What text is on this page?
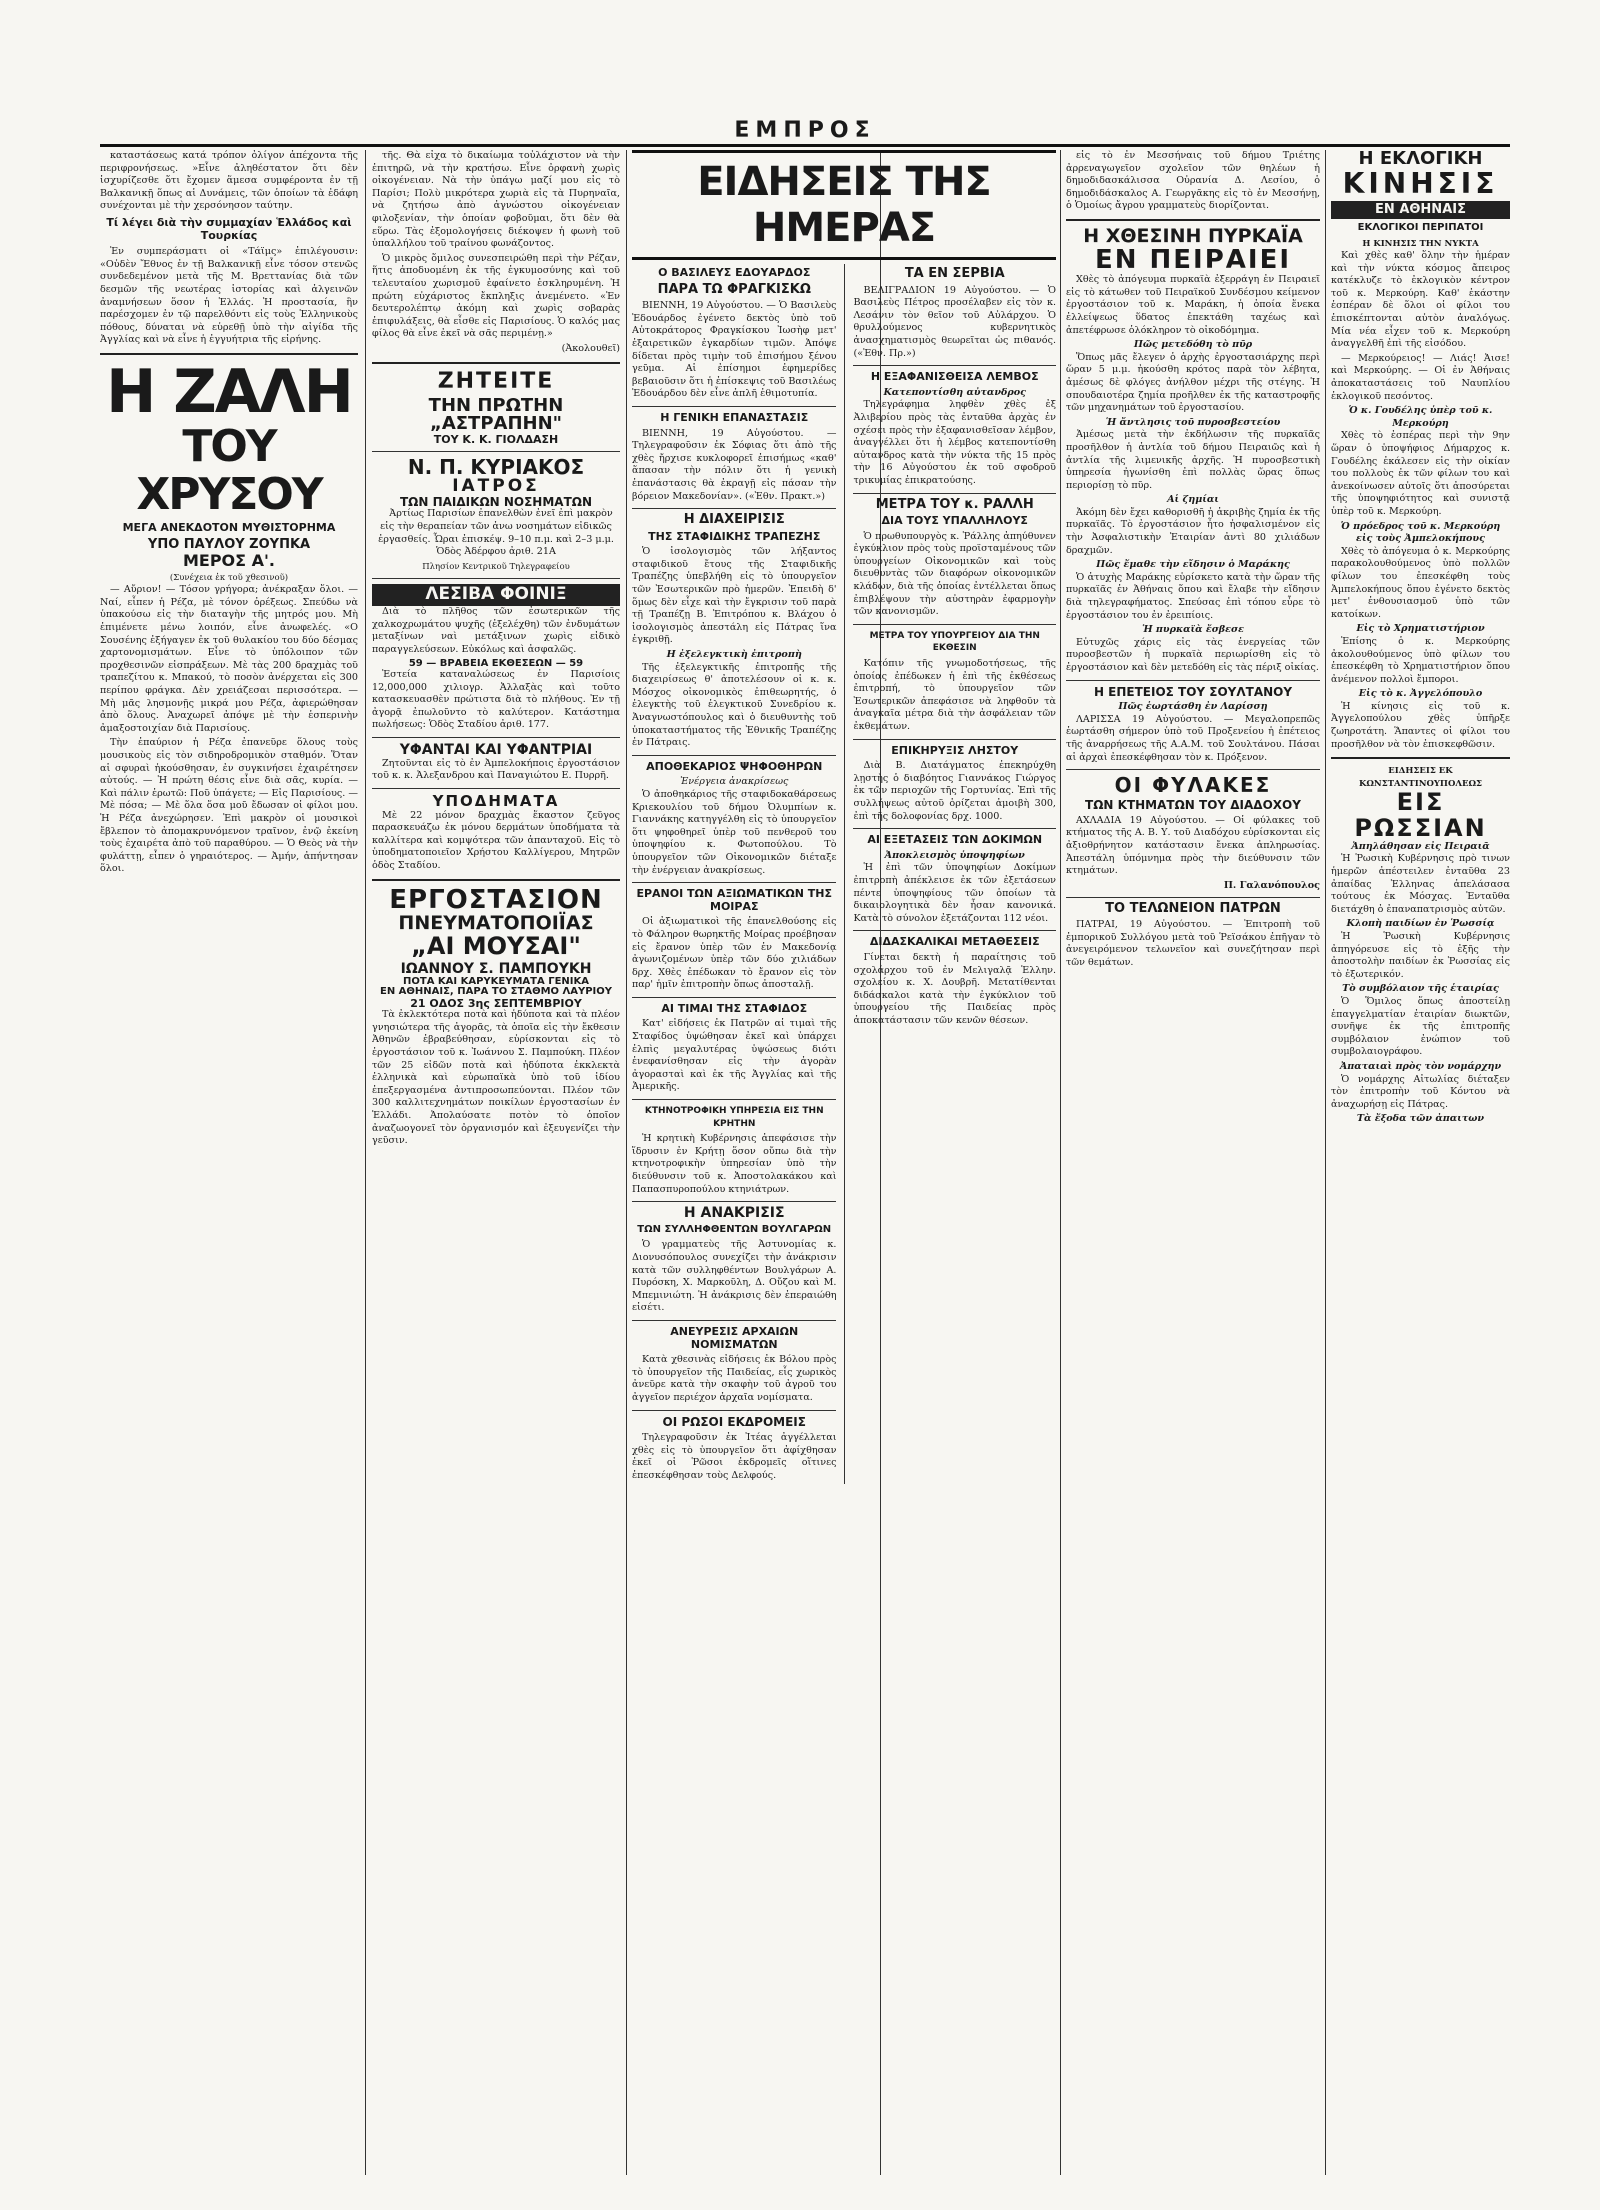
ΕΜΠΡΟΣ

καταστάσεως κατά τρόπον ὀλίγον ἀπέχοντα τῆς περιφρονήσεως. »Εἶνε ἀληθέστατον ὅτι δὲν ἰσχυρίζεσθε ὅτι ἔχομεν ἅμεσα συμφέροντα ἐν τῇ Βαλκανικῇ ὅπως αἱ Δυνάμεις, τῶν ὁποίων τὰ ἐδάφη συνέχονται μὲ τὴν χερσόνησον ταύτην.

Τί λέγει διὰ τὴν συμμαχίαν Ἑλλάδος καὶ Τουρκίας

Ἐν συμπεράσματι οἱ «Τάϊμς» ἐπιλέγουσιν: «Οὐδὲν Ἔθνος ἐν τῇ Βαλκανικῇ εἶνε τόσον στενῶς συνδεδεμένον μετὰ τῆς Μ. Βρεττανίας διὰ τῶν δεσμῶν τῆς νεωτέρας ἱστορίας καὶ ἀλγεινῶν ἀναμνήσεων ὅσον ἡ Ἑλλάς. Ἡ προστασία, ἣν παρέσχομεν ἐν τῷ παρελθόντι εἰς τοὺς Ἑλληνικοὺς πόθους, δύναται νὰ εὑρεθῇ ὑπὸ τὴν αἰγίδα τῆς Ἀγγλίας καὶ νὰ εἶνε ἡ ἐγγυήτρια τῆς εἰρήνης.

Η ΖΑΛΗ
ΤΟΥ ΧΡΥΣΟΥ
ΜΕΓΑ ΑΝΕΚΔΟΤΟΝ ΜΥΘΙΣΤΟΡΗΜΑ
ΥΠΟ ΠΑΥΛΟΥ ΖΟΥΠΚΑ
ΜΕΡΟΣ Α'.
(Συνέχεια ἐκ τοῦ χθεσινοῦ)

— Αὔριον! — Τόσον γρήγορα; ἀνέκραξαν ὅλοι. — Ναί, εἶπεν ἡ Ρέζα, μὲ τόνον ὀρέξεως. Σπεύδω νὰ ὑπακούσω εἰς τὴν διαταγὴν τῆς μητρός μου. Μὴ ἐπιμένετε μένω λοιπόν, εἶνε ἀνωφελές. «Ο Σουσένης ἐξήγαγεν ἐκ τοῦ θυλακίου του δύο δέσμας χαρτονομισμάτων. Εἶνε τὸ ὑπόλοιπον τῶν προχθεσινῶν εἰσπράξεων. Μὲ τὰς 200 δραχμὰς τοῦ τραπεζίτου κ. Μπακού, τὸ ποσὸν ἀνέρχεται εἰς 300 περίπου φράγκα. Δὲν χρειάζεσαι περισσότερα. — Μὴ μᾶς λησμονῇς μικρά μου Ρέζα, ἀφιερώθησαν ἀπὸ ὅλους. Ἀναχωρεῖ ἀπόψε μὲ τὴν ἑσπερινὴν ἀμαξοστοιχίαν διὰ Παρισίους.

Τὴν ἐπαύριον ἡ Ρέζα ἐπανεῦρε ὅλους τοὺς μουσικοὺς εἰς τὸν σιδηροδρομικὸν σταθμόν. Ὅταν αἱ σφυραὶ ἠκούσθησαν, ἐν συγκινήσει ἐχαιρέτησεν αὐτούς. — Ἡ πρώτη θέσις εἶνε διὰ σᾶς, κυρία. — Καὶ πάλιν ἐρωτῶ: Ποῦ ὑπάγετε; — Εἰς Παρισίους. — Μὲ πόσα; — Μὲ ὅλα ὅσα μοῦ ἔδωσαν οἱ φίλοι μου. Ἡ Ρέζα ἀνεχώρησεν. Ἐπὶ μακρὸν οἱ μουσικοὶ ἔβλεπον τὸ ἀπομακρυνόμενον τραῖνον, ἐνῷ ἐκείνη τοὺς ἐχαιρέτα ἀπὸ τοῦ παραθύρου. — Ὁ Θεὸς νὰ τὴν φυλάττῃ, εἶπεν ὁ γηραιότερος. — Ἀμήν, ἀπήντησαν ὅλοι.

τῆς. Θὰ εἶχα τὸ δικαίωμα τοὐλάχιστον νὰ τὴν ἐπιτηρῶ, νὰ τὴν κρατήσω. Εἶνε ὀρφανὴ χωρὶς οἰκογένειαν. Νὰ τὴν ὑπάγω μαζί μου εἰς τὸ Παρίσι; Πολὺ μικρότερα χωριὰ εἰς τὰ Πυρηναῖα, νὰ ζητήσω ἀπὸ ἀγνώστου οἰκογένειαν φιλοξενίαν, τὴν ὁποίαν φοβοῦμαι, ὅτι δὲν θὰ εὕρω. Τὰς ἐξομολογήσεις διέκοψεν ἡ φωνὴ τοῦ ὑπαλλήλου τοῦ τραίνου φωνάζοντος.

Ὁ μικρὸς ὅμιλος συνεσπειρώθη περὶ τὴν Ρέζαν, ἥτις ἀποδυομένη ἐκ τῆς ἐγκυμοσύνης καὶ τοῦ τελευταίου χωρισμοῦ ἐφαίνετο ἐσκληρυμένη. Ἡ πρώτη εὐχάριστος ἔκπληξις ἀνεμένετο. «Ἐν δευτερολέπτῳ ἀκόμη καὶ χωρὶς σοβαρὰς ἐπιφυλάξεις, θὰ εἶσθε εἰς Παρισίους. Ὁ καλός μας φίλος θὰ εἶνε ἐκεῖ νὰ σᾶς περιμένῃ.»

(Ἀκολουθεῖ)
ΖΗΤΕΙΤΕ
ΤΗΝ ΠΡΩΤΗΝ „ΑΣΤΡΑΠΗΝ"
ΤΟΥ Κ. Κ. ΓΙΟΛΔΑΣΗ
Ν. Π. ΚΥΡΙΑΚΟΣ
ΙΑΤΡΟΣ
ΤΩΝ ΠΑΙΔΙΚΩΝ ΝΟΣΗΜΑΤΩΝ

Ἀρτίως Παρισίων ἐπανελθὼν ἐνεῖ ἐπὶ μακρὸν εἰς τὴν θεραπείαν τῶν ἀνω νοσημάτων εἰδικῶς ἐργασθείς. Ὧραι ἐπισκέψ. 9–10 π.μ. καὶ 2–3 μ.μ. Ὁδὸς Ἀδέρφου ἀριθ. 21Α

Πλησίον Κεντρικοῦ Τηλεγραφείου
ΛΕΣΙΒΑ ΦΟΙΝΙΞ

Διὰ τὸ πλῆθος τῶν ἐσωτερικῶν τῆς χαλκοχρωμάτου ψυχῆς (ἐξελέχθη) τῶν ἐνδυμάτων μεταξίνων ναὶ μετάξινων χωρὶς εἰδικὸ παραγγελεύσεων. Εὐκόλως καὶ ἀσφαλῶς.

59 — ΒΡΑΒΕΙΑ ΕΚΘΕΣΕΩΝ — 59

Ἐστεία καταναλώσεως ἐν Παρισίοις 12,000,000 χιλιογρ. Ἀλλαξὰς καὶ τοῦτο κατασκευασθὲν πρώτιστα διὰ τὸ πλήθους. Ἐν τῇ ἀγορᾷ ἐπωλοῦντο τὸ καλύτερον. Κατάστημα πωλήσεως: Ὁδὸς Σταδίου ἀριθ. 177.

ΥΦΑΝΤΑΙ ΚΑΙ ΥΦΑΝΤΡΙΑΙ

Ζητοῦνται εἰς τὸ ἐν Ἀμπελοκήποις ἐργοστάσιον τοῦ κ. κ. Ἀλεξανδρου καὶ Παναγιώτου Ε. Πυρρῆ.

ΥΠΟΔΗΜΑΤΑ

Μὲ 22 μόνον δραχμὰς ἕκαστον ζεῦγος παρασκευάζω ἐκ μόνου δερμάτων ὑποδήματα τὰ καλλίτερα καὶ κομψότερα τῶν ἀπανταχοῦ. Εἰς τὸ ὑποδηματοποιεῖον Χρήστου Καλλίγερου, Μητρῶν ὁδὸς Σταδίου.

ΕΡΓΟΣΤΑΣΙΟΝ
ΠΝΕΥΜΑΤΟΠΟΙΪΑΣ
„ΑΙ ΜΟΥΣΑΙ"
ΙΩΑΝΝΟΥ Σ. ΠΑΜΠΟΥΚΗ
ΠΟΤΑ ΚΑΙ ΚΑΡΥΚΕΥΜΑΤΑ ΓΕΝΙΚΑ
ΕΝ ΑΘΗΝΑΙΣ, ΠΑΡΑ ΤΟ ΣΤΑΘΜΟ ΛΑΥΡΙΟΥ
21 ΟΔΟΣ 3ης ΣΕΠΤΕΜΒΡΙΟΥ

Τὰ ἐκλεκτότερα ποτὰ καὶ ἡδύποτα καὶ τὰ πλέον γνησιώτερα τῆς ἀγορᾶς, τὰ ὁποῖα εἰς τὴν ἔκθεσιν Ἀθηνῶν ἐβραβεύθησαν, εὑρίσκονται εἰς τὸ ἐργοστάσιον τοῦ κ. Ἰωάννου Σ. Παμπούκη. Πλέον τῶν 25 εἰδῶν ποτὰ καὶ ἡδύποτα ἐκκλεκτὰ ἐλληνικὰ καὶ εὐρωπαϊκὰ ὑπὸ τοῦ ἰδίου ἐπεξεργασμένα ἀντιπροσωπεύονται. Πλέον τῶν 300 καλλιτεχνημάτων ποικίλων ἐργοστασίων ἐν Ἑλλάδι. Ἀπολαύσατε ποτὸν τὸ ὁποῖον ἀναζωογονεῖ τὸν ὀργανισμόν καὶ ἐξευγενίζει τὴν γεῦσιν.

ΕΙΔΗΣΕΙΣ ΤΗΣ ΗΜΕΡΑΣ
Ο ΒΑΣΙΛΕΥΣ ΕΔΟΥΑΡΔΟΣ
ΠΑΡΑ ΤΩ ΦΡΑΓΚΙΣΚΩ

ΒΙΕΝΝΗ, 19 Αὐγούστου. — Ὁ Βασιλεὺς Ἐδουάρδος ἐγένετο δεκτὸς ὑπὸ τοῦ Αὐτοκράτορος Φραγκίσκου Ἰωσὴφ μετ' ἐξαιρετικῶν ἐγκαρδίων τιμῶν. Ἀπόψε δίδεται πρὸς τιμὴν τοῦ ἐπισήμου ξένου γεῦμα. Αἱ ἐπίσημοι ἐφημερίδες βεβαιοῦσιν ὅτι ἡ ἐπίσκεψις τοῦ Βασιλέως Ἐδουάρδου δὲν εἶνε ἀπλῆ ἐθιμοτυπία.

Η ΓΕΝΙΚΗ ΕΠΑΝΑΣΤΑΣΙΣ

ΒΙΕΝΝΗ, 19 Αὐγούστου. — Τηλεγραφοῦσιν ἐκ Σόφιας ὅτι ἀπὸ τῆς χθὲς ἤρχισε κυκλοφορεῖ ἐπισήμως «καθ' ἅπασαν τὴν πόλιν ὅτι ἡ γενικὴ ἐπανάστασις θὰ ἐκραγῇ εἰς πάσαν τὴν βόρειον Μακεδονίαν». («Ἐθν. Πρακτ.»)

Η ΔΙΑΧΕΙΡΙΣΙΣ
ΤΗΣ ΣΤΑΦΙΔΙΚΗΣ ΤΡΑΠΕΖΗΣ

Ὁ ἰσολογισμὸς τῶν λήξαντος σταφιδικοῦ ἔτους τῆς Σταφιδικῆς Τραπέζης ὑπεβλήθη εἰς τὸ ὑπουργεῖον τῶν Ἐσωτερικῶν πρὸ ἡμερῶν. Ἐπειδὴ δ' ὅμως δὲν εἶχε καὶ τὴν ἔγκρισιν τοῦ παρὰ τῇ Τραπέζῃ Β. Ἐπιτρόπου κ. Βλάχου ὁ ἰσολογισμὸς ἀπεστάλη εἰς Πάτρας ἵνα ἐγκριθῇ.

Η ἐξελεγκτικὴ ἐπιτροπὴ

Τῆς ἐξελεγκτικῆς ἐπιτροπῆς τῆς διαχειρίσεως θ' ἀποτελέσουν οἱ κ. κ. Μόσχος οἰκονομικὸς ἐπιθεωρητής, ὁ ἐλεγκτὴς τοῦ ἐλεγκτικοῦ Συνεδρίου κ. Ἀναγνωστόπουλος καὶ ὁ διευθυντὴς τοῦ ὑποκαταστήματος τῆς Ἐθνικῆς Τραπέζης ἐν Πάτραις.

ΑΠΟΘΕΚΑΡΙΟΣ ΨΗΦΟΘΗΡΩΝ
Ἐνέργεια ἀνακρίσεως

Ὁ ἀποθηκάριος τῆς σταφιδοκαθάρσεως Κριεκουλίου τοῦ δήμου Ὀλυμπίων κ. Γιαννάκης κατηγγέλθη εἰς τὸ ὑπουργεῖον ὅτι ψηφοθηρεῖ ὑπὲρ τοῦ πενθεροῦ του ὑποψηφίου κ. Φωτοπούλου. Τὸ ὑπουργεῖον τῶν Οἰκονομικῶν διέταξε τὴν ἐνέργειαν ἀνακρίσεως.

ΕΡΑΝΟΙ ΤΩΝ ΑΞΙΩΜΑΤΙΚΩΝ ΤΗΣ ΜΟΙΡΑΣ

Οἱ ἀξιωματικοὶ τῆς ἐπανελθούσης εἰς τὸ Φάληρον θωρηκτῆς Μοίρας προέβησαν εἰς ἔρανον ὑπὲρ τῶν ἐν Μακεδονίᾳ ἀγωνιζομένων ὑπὲρ τῶν δύο χιλιάδων δρχ. Χθὲς ἐπέδωκαν τὸ ἔρανον εἰς τὸν παρ' ἡμῖν ἐπιτροπὴν ὅπως ἀποσταλῇ.

ΑΙ ΤΙΜΑΙ ΤΗΣ ΣΤΑΦΙΔΟΣ

Κατ' εἰδήσεις ἐκ Πατρῶν αἱ τιμαὶ τῆς Σταφίδος ὑψώθησαν ἐκεῖ καὶ ὑπάρχει ἐλπὶς μεγαλυτέρας ὑψώσεως διότι ἐνεφανίσθησαν εἰς τὴν ἀγορὰν ἀγορασταὶ καὶ ἐκ τῆς Ἀγγλίας καὶ τῆς Ἀμερικῆς.

ΚΤΗΝΟΤΡΟΦΙΚΗ ΥΠΗΡΕΣΙΑ ΕΙΣ ΤΗΝ ΚΡΗΤΗΝ

Ἡ κρητικὴ Κυβέρνησις ἀπεφάσισε τὴν ἵδρυσιν ἐν Κρήτῃ ὅσον οὔπω διὰ τὴν κτηνοτροφικὴν ὑπηρεσίαν ὑπὸ τὴν διεύθυνσιν τοῦ κ. Ἀποστολακάκου καὶ Παπασπυροπούλου κτηνιάτρων.

Η ΑΝΑΚΡΙΣΙΣ
ΤΩΝ ΣΥΛΛΗΦΘΕΝΤΩΝ ΒΟΥΛΓΑΡΩΝ

Ὁ γραμματεὺς τῆς Ἀστυνομίας κ. Διονυσόπουλος συνεχίζει τὴν ἀνάκρισιν κατὰ τῶν συλληφθέντων Βουλγάρων Α. Πυρόσκη, Χ. Μαρκοῦλη, Δ. Οὔζου καὶ Μ. Μπεμινιώτη. Ἡ ἀνάκρισις δὲν ἐπεραιώθη εἰσέτι.

ΑΝΕΥΡΕΣΙΣ ΑΡΧΑΙΩΝ ΝΟΜΙΣΜΑΤΩΝ

Κατὰ χθεσινὰς εἰδήσεις ἐκ Βόλου πρὸς τὸ ὑπουργεῖον τῆς Παιδείας, εἷς χωρικὸς ἀνεῦρε κατὰ τὴν σκαφὴν τοῦ ἀγροῦ του ἀγγεῖον περιέχον ἀρχαῖα νομίσματα.

ΟΙ ΡΩΣΟΙ ΕΚΔΡΟΜΕΙΣ

Τηλεγραφοῦσιν ἐκ Ἰτέας ἀγγέλλεται χθὲς εἰς τὸ ὑπουργεῖον ὅτι ἀφίχθησαν ἐκεῖ οἱ Ῥῶσοι ἐκδρομεῖς οἵτινες ἐπεσκέφθησαν τοὺς Δελφούς.

ΤΑ ΕΝ ΣΕΡΒΙΑ

ΒΕΛΙΓΡΑΔΙΟΝ 19 Αὐγούστου. — Ὁ Βασιλεὺς Πέτρος προσέλαβεν εἰς τὸν κ. Λεσάνιν τὸν θεῖον τοῦ Αὐλάρχου. Ὁ θρυλλούμενος κυβερνητικὸς ἀνασχηματισμὸς θεωρεῖται ὡς πιθανός. («Ἐθν. Πρ.»)

Η ΕΞΑΦΑΝΙΣΘΕΙΣΑ ΛΕΜΒΟΣ
Κατεποντίσθη αὐτανδρος

Τηλεγράφημα ληφθὲν χθὲς ἐξ Ἀλιβερίου πρὸς τὰς ἐνταῦθα ἀρχὰς ἐν σχέσει πρὸς τὴν ἐξαφανισθεῖσαν λέμβον, ἀναγγέλλει ὅτι ἡ λέμβος κατεποντίσθη αὐτανδρος κατὰ τὴν νύκτα τῆς 15 πρὸς τὴν 16 Αὐγούστου ἐκ τοῦ σφοδροῦ τρικυμίας ἐπικρατούσης.

ΜΕΤΡΑ ΤΟΥ κ. ΡΑΛΛΗ
ΔΙΑ ΤΟΥΣ ΥΠΑΛΛΗΛΟΥΣ

Ὁ πρωθυπουργὸς κ. Ῥάλλης ἀπηύθυνεν ἐγκύκλιον πρὸς τοὺς προϊσταμένους τῶν ὑπουργείων Οἰκονομικῶν καὶ τοὺς διευθυντὰς τῶν διαφόρων οἰκονομικῶν κλάδων, διὰ τῆς ὁποίας ἐντέλλεται ὅπως ἐπιβλέψουν τὴν αὐστηρὰν ἐφαρμογὴν τῶν κανονισμῶν.

ΜΕΤΡΑ ΤΟΥ ΥΠΟΥΡΓΕΙΟΥ ΔΙΑ ΤΗΝ ΕΚΘΕΣΙΝ

Κατόπιν τῆς γνωμοδοτήσεως, τῆς ὁποίας ἐπέδωκεν ἡ ἐπὶ τῆς ἐκθέσεως ἐπιτροπή, τὸ ὑπουργεῖον τῶν Ἐσωτερικῶν ἀπεφάσισε νὰ ληφθοῦν τὰ ἀναγκαῖα μέτρα διὰ τὴν ἀσφάλειαν τῶν ἐκθεμάτων.

ΕΠΙΚΗΡΥΞΙΣ ΛΗΣΤΟΥ

Διὰ Β. Διατάγματος ἐπεκηρύχθη λῃστὴς ὁ διαβόητος Γιαννάκος Γιώργος ἐκ τῶν περιοχῶν τῆς Γορτυνίας. Ἐπὶ τῆς συλλήψεως αὐτοῦ ὁρίζεται ἀμοιβὴ 300, ἐπὶ τῆς δολοφονίας δρχ. 1000.

ΑΙ ΕΞΕΤΑΣΕΙΣ ΤΩΝ ΔΟΚΙΜΩΝ
Ἀποκλεισμὸς ὑποψηφίων

Ἡ ἐπὶ τῶν ὑποψηφίων Δοκίμων ἐπιτροπὴ ἀπέκλεισε ἐκ τῶν ἐξετάσεων πέντε ὑποψηφίους τῶν ὁποίων τὰ δικαιολογητικὰ δὲν ἦσαν κανονικά. Κατὰ τὸ σύνολον ἐξετάζονται 112 νέοι.

ΔΙΔΑΣΚΑΛΙΚΑΙ ΜΕΤΑΘΕΣΕΙΣ

Γίνεται δεκτὴ ἡ παραίτησις τοῦ σχολάρχου τοῦ ἐν Μελιγαλᾷ Ἑλλην. σχολείου κ. Χ. Δουβρῆ. Μετατίθενται διδάσκαλοι κατὰ τὴν ἐγκύκλιον τοῦ ὑπουργείου τῆς Παιδείας πρὸς ἀποκατάστασιν τῶν κενῶν θέσεων.

εἰς τὸ ἐν Μεσσήναις τοῦ δήμου Τριέτης ἀρρεναγωγεῖον σχολεῖον τῶν θηλέων ἡ δημοδιδασκάλισσα Οὐρανία Δ. Λεσίου, ὁ δημοδιδάσκαλος Α. Γεωργᾶκης εἰς τὸ ἐν Μεσσήνῃ, ὁ Ὁμοίως ἄγρου γραμματεὺς διορίζονται.

Η ΧΘΕΣΙΝΗ ΠΥΡΚΑΪΑ
ΕΝ ΠΕΙΡΑΙΕΙ

Χθὲς τὸ ἀπόγευμα πυρκαϊὰ ἐξερράγη ἐν Πειραιεῖ εἰς τὸ κάτωθεν τοῦ Πειραϊκοῦ Συνδέσμου κείμενον ἐργοστάσιον τοῦ κ. Μαράκη, ἡ ὁποία ἕνεκα ἐλλείψεως ὕδατος ἐπεκτάθη ταχέως καὶ ἀπετέφρωσε ὁλόκληρον τὸ οἰκοδόμημα.

Πῶς μετεδόθη τὸ πῦρ

Ὅπως μᾶς ἔλεγεν ὁ ἀρχὴς ἐργοστασιάρχης περὶ ὥραν 5 μ.μ. ἠκούσθη κρότος παρὰ τὸν λέβητα, ἀμέσως δὲ φλόγες ἀνήλθον μέχρι τῆς στέγης. Ἡ σπουδαιοτέρα ζημία προῆλθεν ἐκ τῆς καταστροφῆς τῶν μηχανημάτων τοῦ ἐργοστασίου.

Ἡ ἄντλησις τοῦ πυροσβεστείου

Ἀμέσως μετὰ τὴν ἐκδήλωσιν τῆς πυρκαϊᾶς προσῆλθον ἡ ἀντλία τοῦ δήμου Πειραιῶς καὶ ἡ ἀντλία τῆς λιμενικῆς ἀρχῆς. Ἡ πυροσβεστικὴ ὑπηρεσία ἠγωνίσθη ἐπὶ πολλὰς ὥρας ὅπως περιορίσῃ τὸ πῦρ.

Αἱ ζημίαι

Ἀκόμη δὲν ἔχει καθορισθῆ ἡ ἀκριβὴς ζημία ἐκ τῆς πυρκαϊᾶς. Τὸ ἐργοστάσιον ἦτο ἠσφαλισμένον εἰς τὴν Ἀσφαλιστικὴν Ἑταιρίαν ἀντὶ 80 χιλιάδων δραχμῶν.

Πῶς ἔμαθε τὴν εἴδησιν ὁ Μαράκης

Ὁ ἀτυχὴς Μαράκης εὑρίσκετο κατὰ τὴν ὥραν τῆς πυρκαϊᾶς ἐν Ἀθήναις ὅπου καὶ ἔλαβε τὴν εἴδησιν διὰ τηλεγραφήματος. Σπεύσας ἐπὶ τόπου εὗρε τὸ ἐργοστάσιον του ἐν ἐρειπίοις.

Ἡ πυρκαϊὰ ἔσβεσε

Εὐτυχῶς χάρις εἰς τὰς ἐνεργείας τῶν πυροσβεστῶν ἡ πυρκαϊὰ περιωρίσθη εἰς τὸ ἐργοστάσιον καὶ δὲν μετεδόθη εἰς τὰς πέριξ οἰκίας.

Η ΕΠΕΤΕΙΟΣ ΤΟΥ ΣΟΥΛΤΑΝΟΥ
Πῶς ἑωρτάσθη ἐν Λαρίσσῃ

ΛΑΡΙΣΣΑ 19 Αὐγούστου. — Μεγαλοπρεπῶς ἑωρτάσθη σήμερον ὑπὸ τοῦ Προξενείου ἡ ἐπέτειος τῆς ἀναρρήσεως τῆς Α.Α.Μ. τοῦ Σουλτάνου. Πάσαι αἱ ἀρχαὶ ἐπεσκέφθησαν τὸν κ. Πρόξενον.

ΟΙ ΦΥΛΑΚΕΣ
ΤΩΝ ΚΤΗΜΑΤΩΝ ΤΟΥ ΔΙΑΔΟΧΟΥ

ΑΧΛΑΔΙΑ 19 Αὐγούστου. — Οἱ φύλακες τοῦ κτήματος τῆς Α. Β. Υ. τοῦ Διαδόχου εὑρίσκονται εἰς ἀξιοθρήνητον κατάστασιν ἔνεκα ἀπληρωσίας. Ἀπεστάλη ὑπόμνημα πρὸς τὴν διεύθυνσιν τῶν κτημάτων.

Π. Γαλανόπουλος
ΤΟ ΤΕΛΩΝΕΙΟΝ ΠΑΤΡΩΝ

ΠΑΤΡΑΙ, 19 Αὐγούστου. — Ἐπιτροπὴ τοῦ ἐμπορικοῦ Συλλόγου μετὰ τοῦ Ῥεϊσάκου ἐπῆγαν τὸ ἀνεγειρόμενον τελωνεῖον καὶ συνεζήτησαν περὶ τῶν θεμάτων.

Η ΕΚΛΟΓΙΚΗ
ΚΙΝΗΣΙΣ
ΕΝ ΑΘΗΝΑΙΣ
ΕΚΛΟΓΙΚΟΙ ΠΕΡΙΠΑΤΟΙ
Η ΚΙΝΗΣΙΣ ΤΗΝ ΝΥΚΤΑ

Καὶ χθὲς καθ' ὅλην τὴν ἡμέραν καὶ τὴν νύκτα κόσμος ἄπειρος κατέκλυζε τὸ ἐκλογικὸν κέντρον τοῦ κ. Μερκούρη. Καθ' ἑκάστην ἑσπέραν δὲ ὅλοι οἱ φίλοι του ἐπισκέπτονται αὐτὸν ἀναλόγως. Μία νέα εἶχεν τοῦ κ. Μερκούρη ἀναγγελθῆ ἐπὶ τῆς εἰσόδου.

— Μερκούρειος! — Λιάς! Ἀισε! καὶ Μερκούρης. — Οἱ ἐν Ἀθήναις ἀποκαταστάσεις τοῦ Ναυπλίου ἐκλογικοῦ πεσόντος.

Ὁ κ. Γουδέλης ὑπὲρ τοῦ κ. Μερκούρη

Χθὲς τὸ ἑσπέρας περὶ τὴν 9ην ὥραν ὁ ὑποψήφιος Δήμαρχος κ. Γουδέλης ἐκάλεσεν εἰς τὴν οἰκίαν του πολλοὺς ἐκ τῶν φίλων του καὶ ἀνεκοίνωσεν αὐτοῖς ὅτι ἀποσύρεται τῆς ὑποψηφιότητος καὶ συνιστᾷ ὑπὲρ τοῦ κ. Μερκούρη.

Ὁ πρόεδρος τοῦ κ. Μερκούρη εἰς τοὺς Ἀμπελοκήπους

Χθὲς τὸ ἀπόγευμα ὁ κ. Μερκούρης παρακολουθούμενος ὑπὸ πολλῶν φίλων του ἐπεσκέφθη τοὺς Ἀμπελοκήπους ὅπου ἐγένετο δεκτὸς μετ' ἐνθουσιασμοῦ ὑπὸ τῶν κατοίκων.

Εἰς τὸ Χρηματιστήριον

Ἐπίσης ὁ κ. Μερκούρης ἀκολουθούμενος ὑπὸ φίλων του ἐπεσκέφθη τὸ Χρηματιστήριον ὅπου ἀνέμενον πολλοὶ ἔμποροι.

Εἰς τὸ κ. Ἀγγελόπουλο

Ἡ κίνησις εἰς τοῦ κ. Ἀγγελοπούλου χθὲς ὑπῆρξε ζωηροτάτη. Ἅπαντες οἱ φίλοι του προσῆλθον νὰ τὸν ἐπισκεφθῶσιν.

ΕΙΔΗΣΕΙΣ ΕΚ ΚΩΝΣΤΑΝΤΙΝΟΥΠΟΛΕΩΣ
ΕΙΣ ΡΩΣΣΙΑΝ
Ἀπηλάθησαν εἰς Πειραιᾶ

Ἡ Ῥωσικὴ Κυβέρνησις πρὸ τινων ἡμερῶν ἀπέστειλεν ἐνταῦθα 23 ἀπαίδας Ἑλληνας ἀπελάσασα τούτους ἐκ Μόσχας. Ἐνταῦθα διετάχθη ὁ ἐπαναπατρισμὸς αὐτῶν.

Κλοπὴ παιδίων ἐν Ῥωσσίᾳ

Ἡ Ῥωσικὴ Κυβέρνησις ἀπηγόρευσε εἰς τὸ ἐξῆς τὴν ἀποστολὴν παιδίων ἐκ Ῥωσσίας εἰς τὸ ἐξωτερικόν.

Τὸ συμβόλαιον τῆς ἑταιρίας

Ὁ Ὅμιλος ὅπως ἀποστείλῃ ἐπαγγελματίαν ἐταιρίαν διωκτῶν, συνῆψε ἐκ τῆς ἐπιτροπῆς συμβόλαιον ἐνώπιον τοῦ συμβολαιογράφου.

Ἀπαταιαὶ πρὸς τὸν νομάρχην

Ὁ νομάρχης Αἰτωλίας διέταξεν τὸν ἐπιτροπὴν τοῦ Κόντου νὰ ἀναχωρήσῃ εἰς Πάτρας.

Τὰ ἔξοδα τῶν ἀπαιτων
